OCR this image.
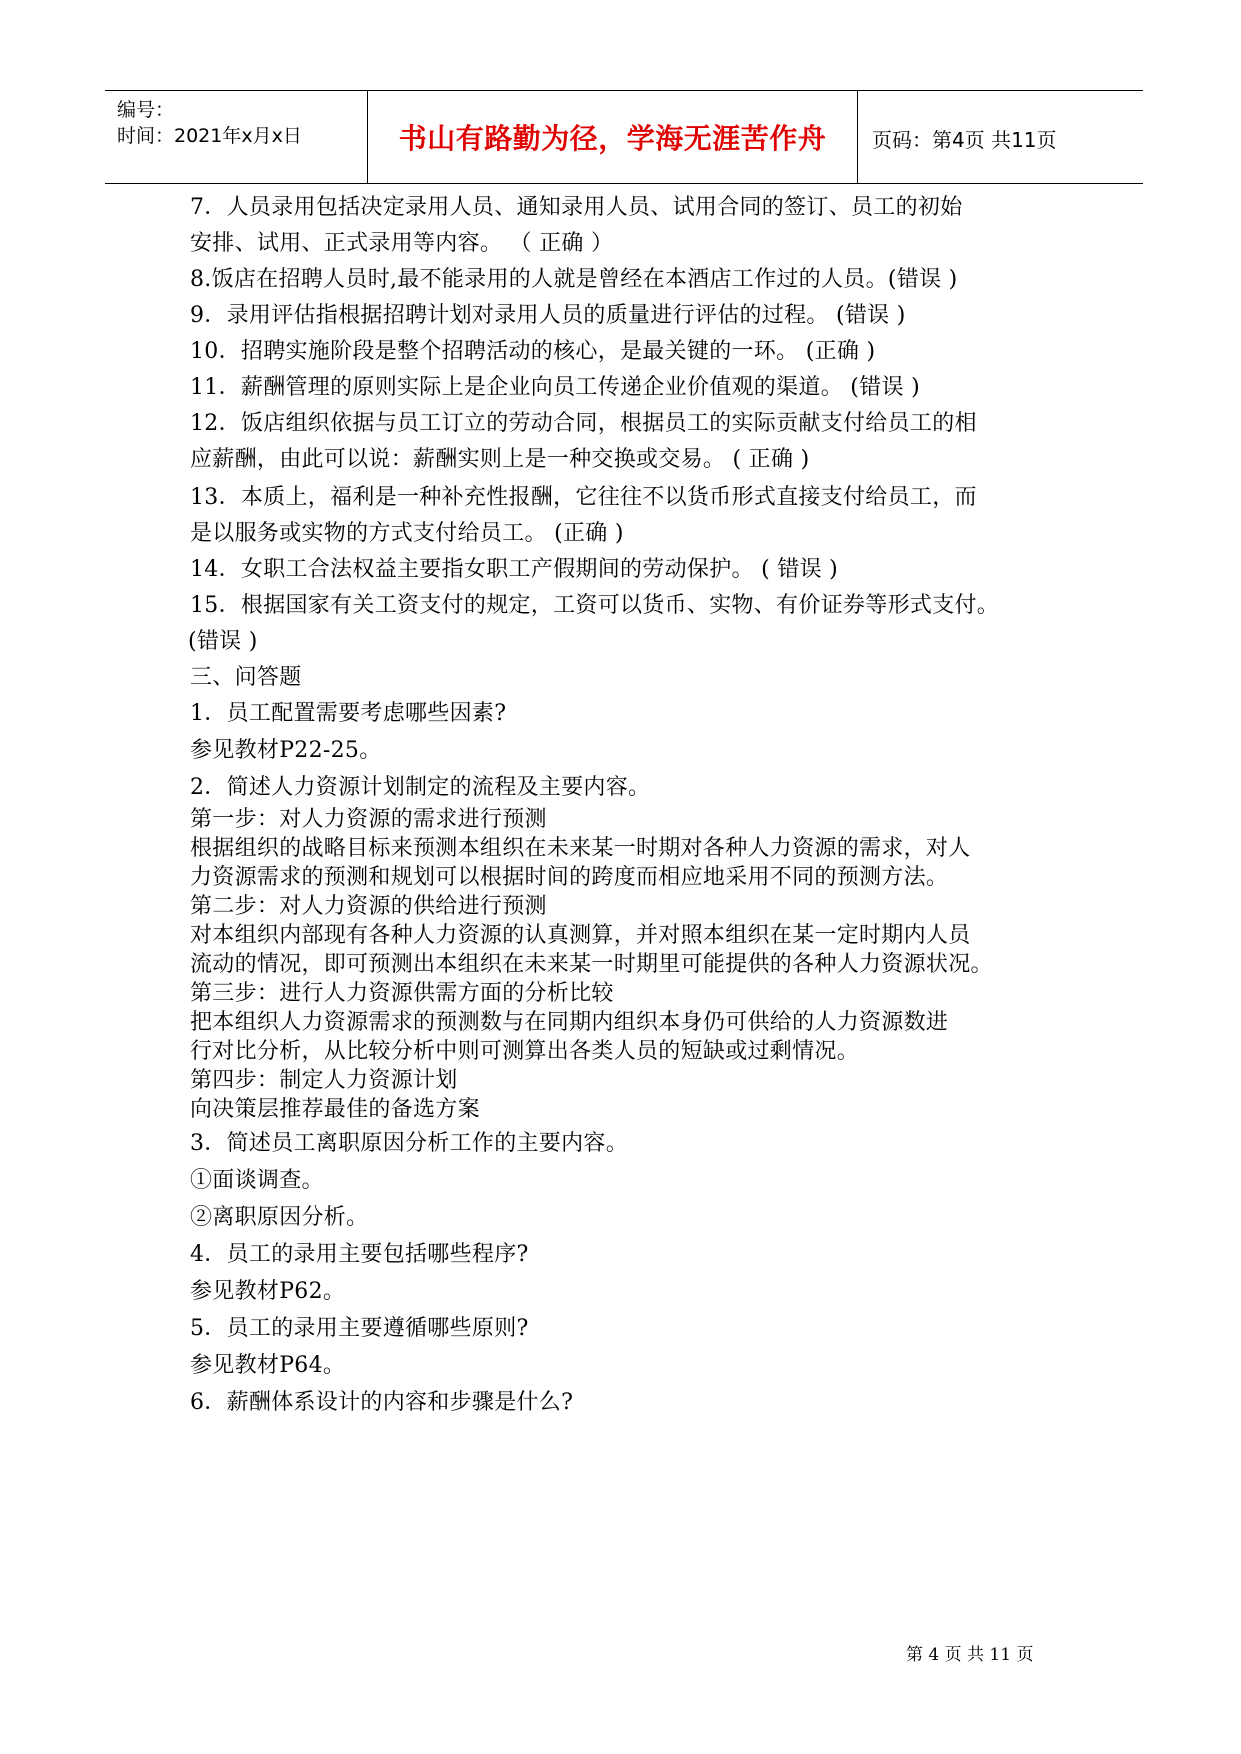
编号：
时间：2021年x月x日	书山有路勤为径，学海无涯苦作舟	页码：第4页 共11页
7．人员录用包括决定录用人员、通知录用人员、试用合同的签订、员工的初始
安排、试用、正式录用等内容。 （ 正确 ）
8.饭店在招聘人员时,最不能录用的人就是曾经在本酒店工作过的人员。(错误 )
9．录用评估指根据招聘计划对录用人员的质量进行评估的过程。 (错误 )
10．招聘实施阶段是整个招聘活动的核心，是最关键的一环。 (正确 )
11．薪酬管理的原则实际上是企业向员工传递企业价值观的渠道。 (错误 )
12．饭店组织依据与员工订立的劳动合同，根据员工的实际贡献支付给员工的相
应薪酬，由此可以说：薪酬实则上是一种交换或交易。 ( 正确 )
13．本质上，福利是一种补充性报酬，它往往不以货币形式直接支付给员工，而
是以服务或实物的方式支付给员工。 (正确 )
14．女职工合法权益主要指女职工产假期间的劳动保护。 ( 错误 )
15．根据国家有关工资支付的规定，工资可以货币、实物、有价证券等形式支付。
(错误 )
三、问答题
1．员工配置需要考虑哪些因素?
参见教材P22-25。
2．简述人力资源计划制定的流程及主要内容。
第一步：对人力资源的需求进行预测
根据组织的战略目标来预测本组织在未来某一时期对各种人力资源的需求，对人
力资源需求的预测和规划可以根据时间的跨度而相应地采用不同的预测方法。
第二步：对人力资源的供给进行预测
对本组织内部现有各种人力资源的认真测算，并对照本组织在某一定时期内人员
流动的情况，即可预测出本组织在未来某一时期里可能提供的各种人力资源状况。
第三步：进行人力资源供需方面的分析比较
把本组织人力资源需求的预测数与在同期内组织本身仍可供给的人力资源数进
行对比分析，从比较分析中则可测算出各类人员的短缺或过剩情况。
第四步：制定人力资源计划
向决策层推荐最佳的备选方案
3．简述员工离职原因分析工作的主要内容。
①面谈调查。
②离职原因分析。
4．员工的录用主要包括哪些程序?
参见教材P62。
5．员工的录用主要遵循哪些原则?
参见教材P64。
6．薪酬体系设计的内容和步骤是什么?
第 4 页 共 11 页
